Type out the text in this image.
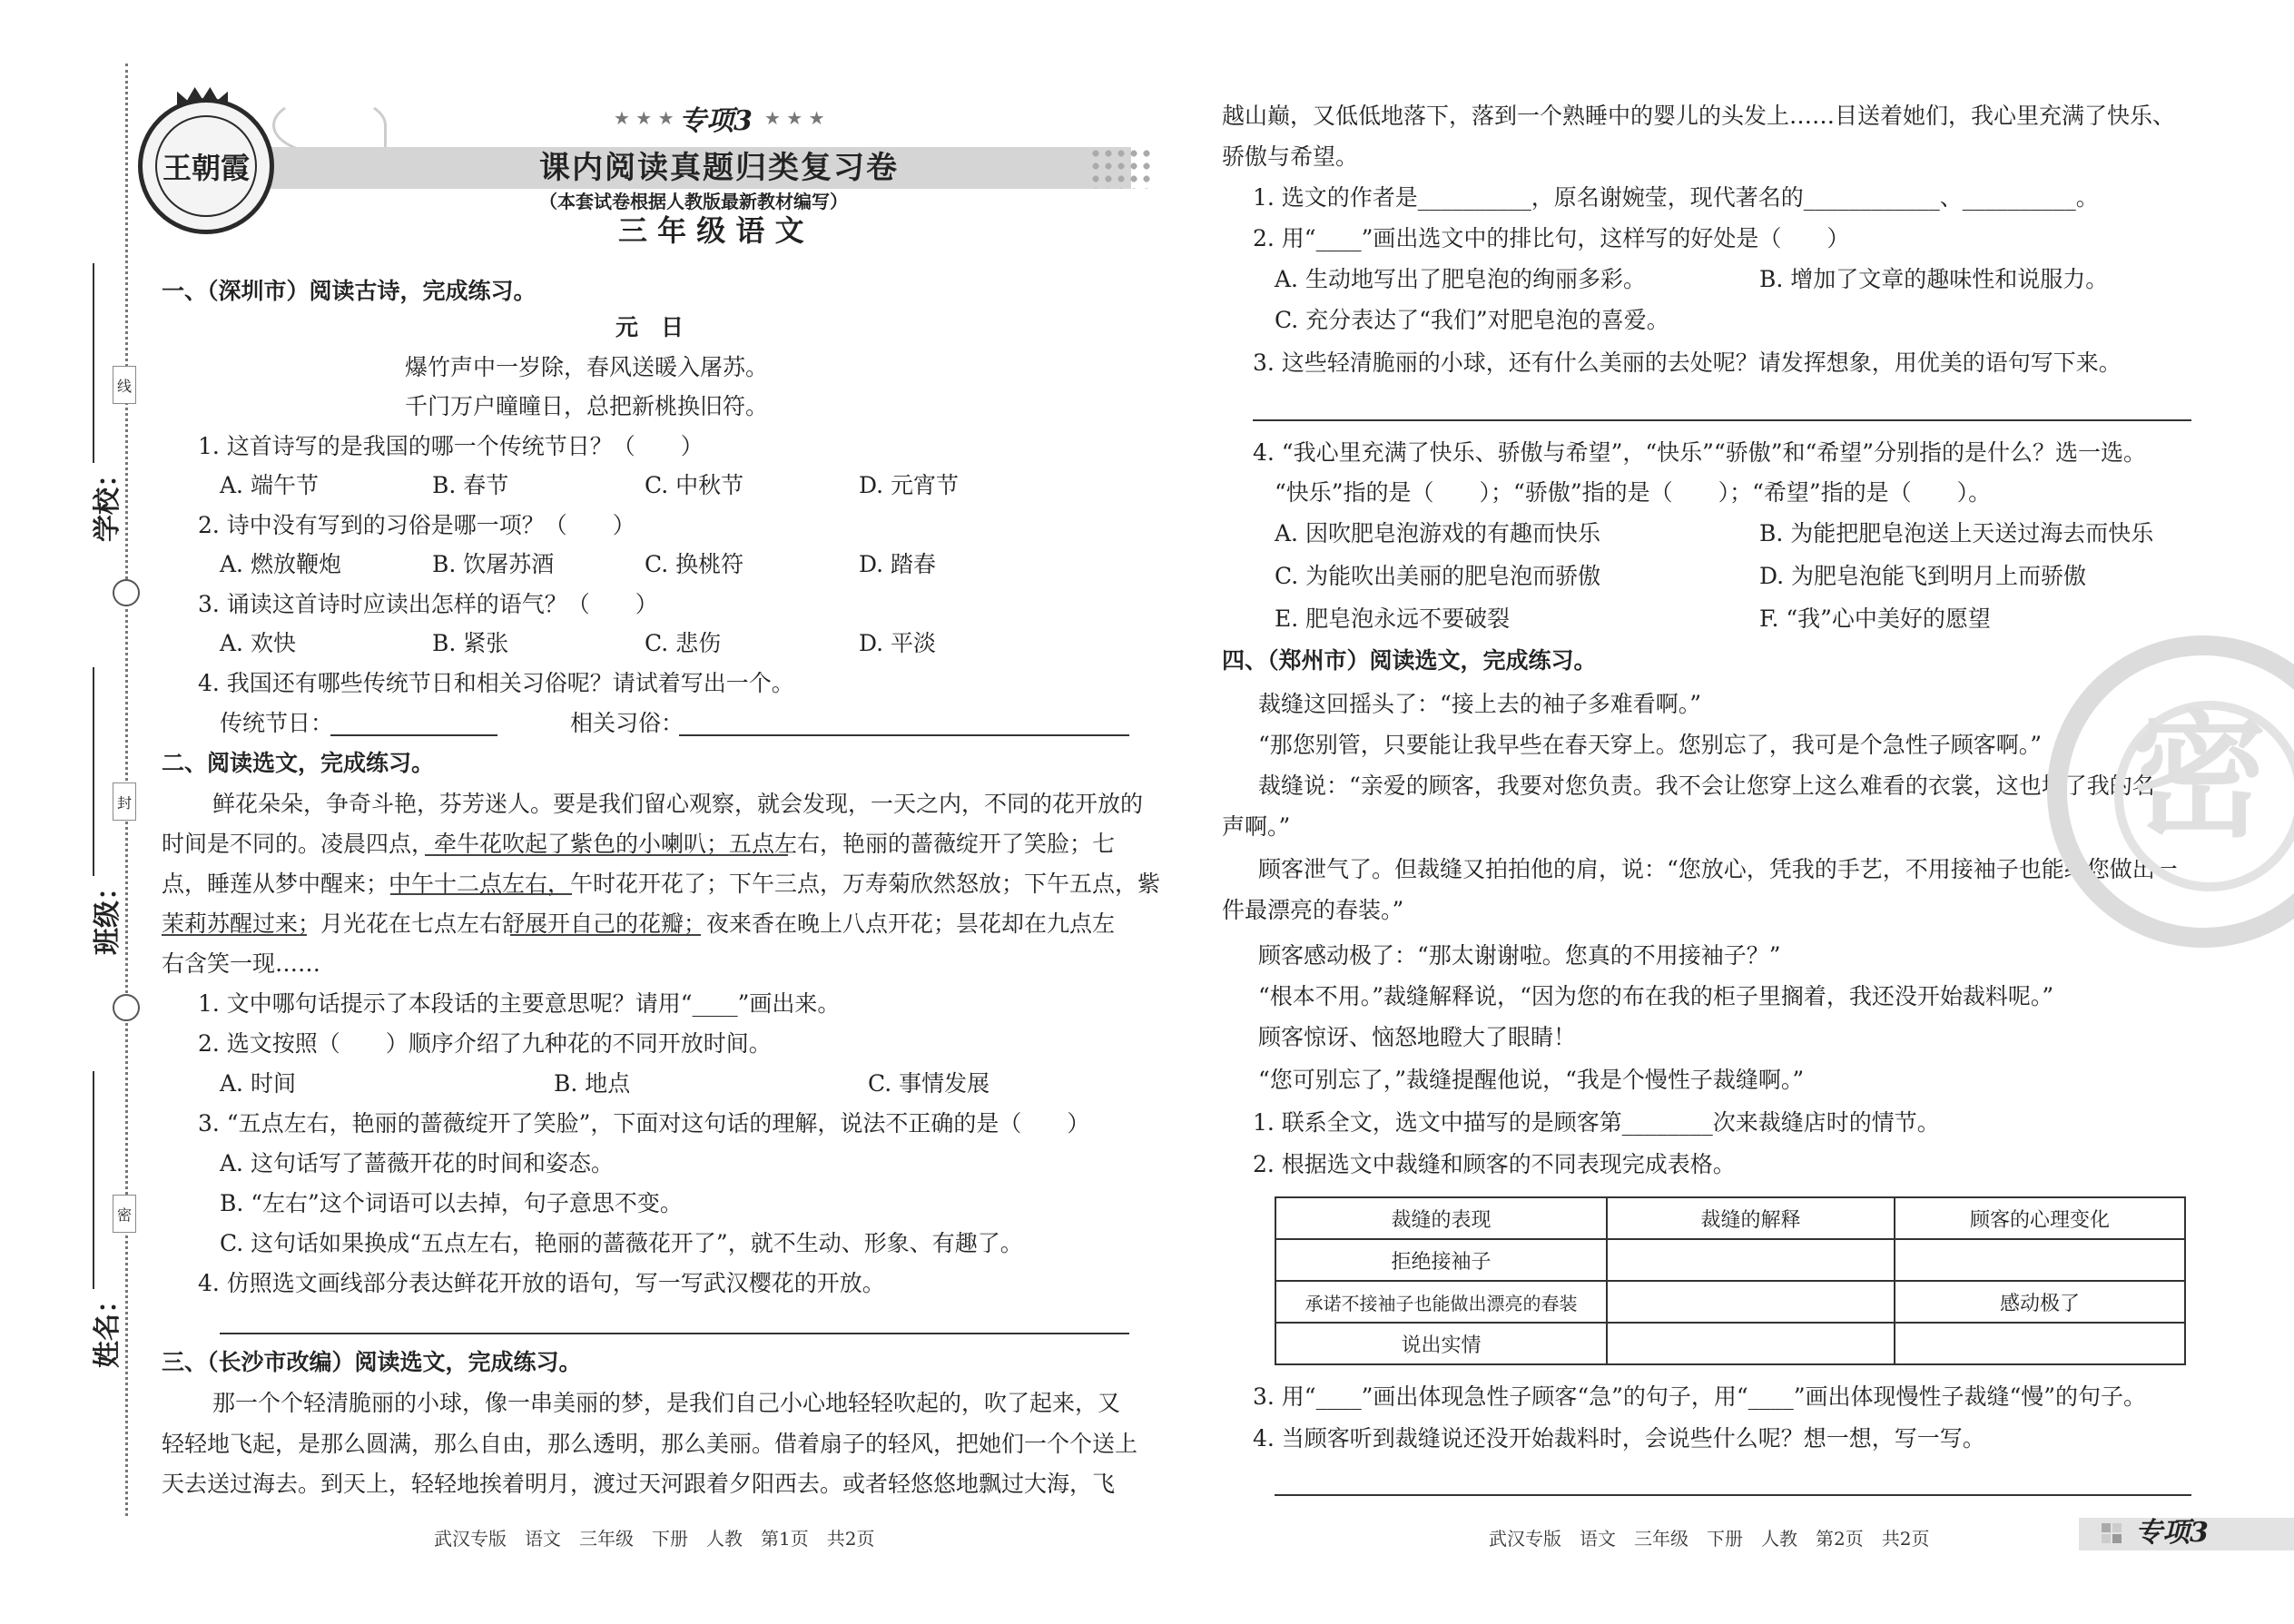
学校：
班级：
姓名：
线
封
密
王朝霞
★ ★ ★ 专项3 ★ ★ ★
课内阅读真题归类复习卷
（本套试卷根据人教版最新教材编写）
三 年 级 语 文
一、（深圳市）阅读古诗，完成练习。
元　日
爆竹声中一岁除，春风送暖入屠苏。
千门万户曈曈日，总把新桃换旧符。
1. 这首诗写的是我国的哪一个传统节日？（　　）
A. 端午节	B. 春节	C. 中秋节	D. 元宵节
2. 诗中没有写到的习俗是哪一项？（　　）
A. 燃放鞭炮	B. 饮屠苏酒	C. 换桃符	D. 踏春
3. 诵读这首诗时应读出怎样的语气？（　　）
A. 欢快	B. 紧张	C. 悲伤	D. 平淡
4. 我国还有哪些传统节日和相关习俗呢？请试着写出一个。
传统节日：	相关习俗：
二、阅读选文，完成练习。
鲜花朵朵，争奇斗艳，芬芳迷人。要是我们留心观察，就会发现，一天之内，不同的花开放的
时间是不同的。凌晨四点，牵牛花吹起了紫色的小喇叭；五点左右，艳丽的蔷薇绽开了笑脸；七
点，睡莲从梦中醒来；中午十二点左右，午时花开花了；下午三点，万寿菊欣然怒放；下午五点，紫
茉莉苏醒过来；月光花在七点左右舒展开自己的花瓣；夜来香在晚上八点开花；昙花却在九点左
右含笑一现……
1. 文中哪句话提示了本段话的主要意思呢？请用“____”画出来。
2. 选文按照（　　）顺序介绍了九种花的不同开放时间。
A. 时间	B. 地点	C. 事情发展
3. “五点左右，艳丽的蔷薇绽开了笑脸”，下面对这句话的理解，说法不正确的是（　　）
A. 这句话写了蔷薇开花的时间和姿态。
B. “左右”这个词语可以去掉，句子意思不变。
C. 这句话如果换成“五点左右，艳丽的蔷薇花开了”，就不生动、形象、有趣了。
4. 仿照选文画线部分表达鲜花开放的语句，写一写武汉樱花的开放。
三、（长沙市改编）阅读选文，完成练习。
那一个个轻清脆丽的小球，像一串美丽的梦，是我们自己小心地轻轻吹起的，吹了起来，又
轻轻地飞起，是那么圆满，那么自由，那么透明，那么美丽。借着扇子的轻风，把她们一个个送上
天去送过海去。到天上，轻轻地挨着明月，渡过天河跟着夕阳西去。或者轻悠悠地飘过大海，飞
越山巅，又低低地落下，落到一个熟睡中的婴儿的头发上……目送着她们，我心里充满了快乐、
骄傲与希望。
1. 选文的作者是__________，原名谢婉莹，现代著名的____________、__________。
2. 用“____”画出选文中的排比句，这样写的好处是（　　）
A. 生动地写出了肥皂泡的绚丽多彩。	B. 增加了文章的趣味性和说服力。
C. 充分表达了“我们”对肥皂泡的喜爱。
3. 这些轻清脆丽的小球，还有什么美丽的去处呢？请发挥想象，用优美的语句写下来。
4. “我心里充满了快乐、骄傲与希望”，“快乐”“骄傲”和“希望”分别指的是什么？选一选。
“快乐”指的是（　　）；“骄傲”指的是（　　）；“希望”指的是（　　）。
A. 因吹肥皂泡游戏的有趣而快乐	B. 为能把肥皂泡送上天送过海去而快乐
C. 为能吹出美丽的肥皂泡而骄傲	D. 为肥皂泡能飞到明月上而骄傲
E. 肥皂泡永远不要破裂	F. “我”心中美好的愿望
四、（郑州市）阅读选文，完成练习。
裁缝这回摇头了：“接上去的袖子多难看啊。”
“那您别管，只要能让我早些在春天穿上。您别忘了，我可是个急性子顾客啊。”
裁缝说：“亲爱的顾客，我要对您负责。我不会让您穿上这么难看的衣裳，这也坏了我的名
声啊。”
顾客泄气了。但裁缝又拍拍他的肩，说：“您放心，凭我的手艺，不用接袖子也能给您做出一
件最漂亮的春装。”
顾客感动极了：“那太谢谢啦。您真的不用接袖子？”
“根本不用。”裁缝解释说，“因为您的布在我的柜子里搁着，我还没开始裁料呢。”
顾客惊讶、恼怒地瞪大了眼睛！
“您可别忘了，”裁缝提醒他说，“我是个慢性子裁缝啊。”
1. 联系全文，选文中描写的是顾客第________次来裁缝店时的情节。
2. 根据选文中裁缝和顾客的不同表现完成表格。
裁缝的表现	裁缝的解释	顾客的心理变化
拒绝接袖子		
承诺不接袖子也能做出漂亮的春装		感动极了
说出实情		
3. 用“____”画出体现急性子顾客“急”的句子，用“____”画出体现慢性子裁缝“慢”的句子。
4. 当顾客听到裁缝说还没开始裁料时，会说些什么呢？想一想，写一写。
密
武汉专版　语文　三年级　下册　人教　第1页　共2页	武汉专版　语文　三年级　下册　人教　第2页　共2页	专项3
